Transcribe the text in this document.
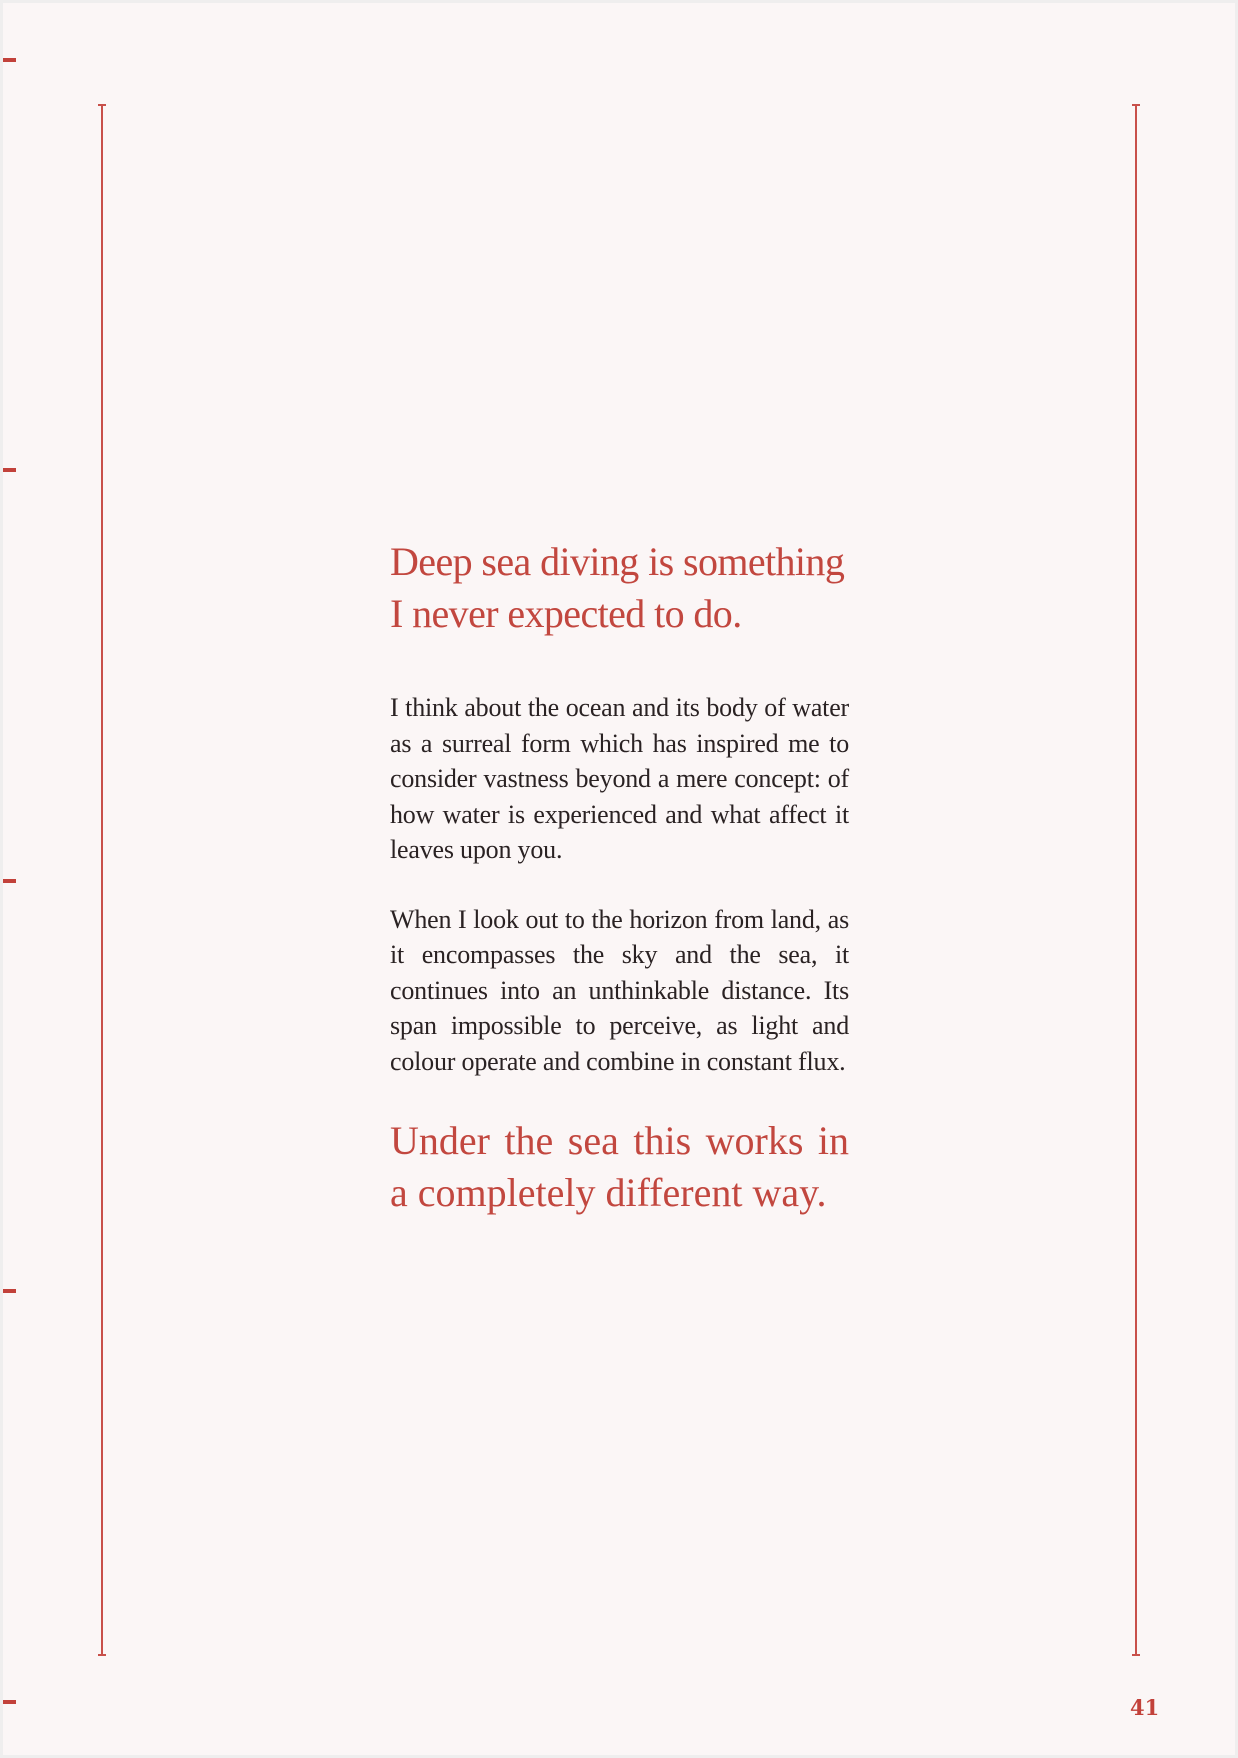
Deep sea diving is something I never expected to do.

I think about the ocean and its body of water as a surreal form which has inspired me to consider vastness beyond a mere concept: of how water is experienced and what affect it leaves upon you.

When I look out to the horizon from land, as it encompasses the sky and the sea, it continues into an unthinkable distance. Its span impossible to perceive, as light and colour operate and combine in constant flux.

Under the sea this works in a completely different way.

41
